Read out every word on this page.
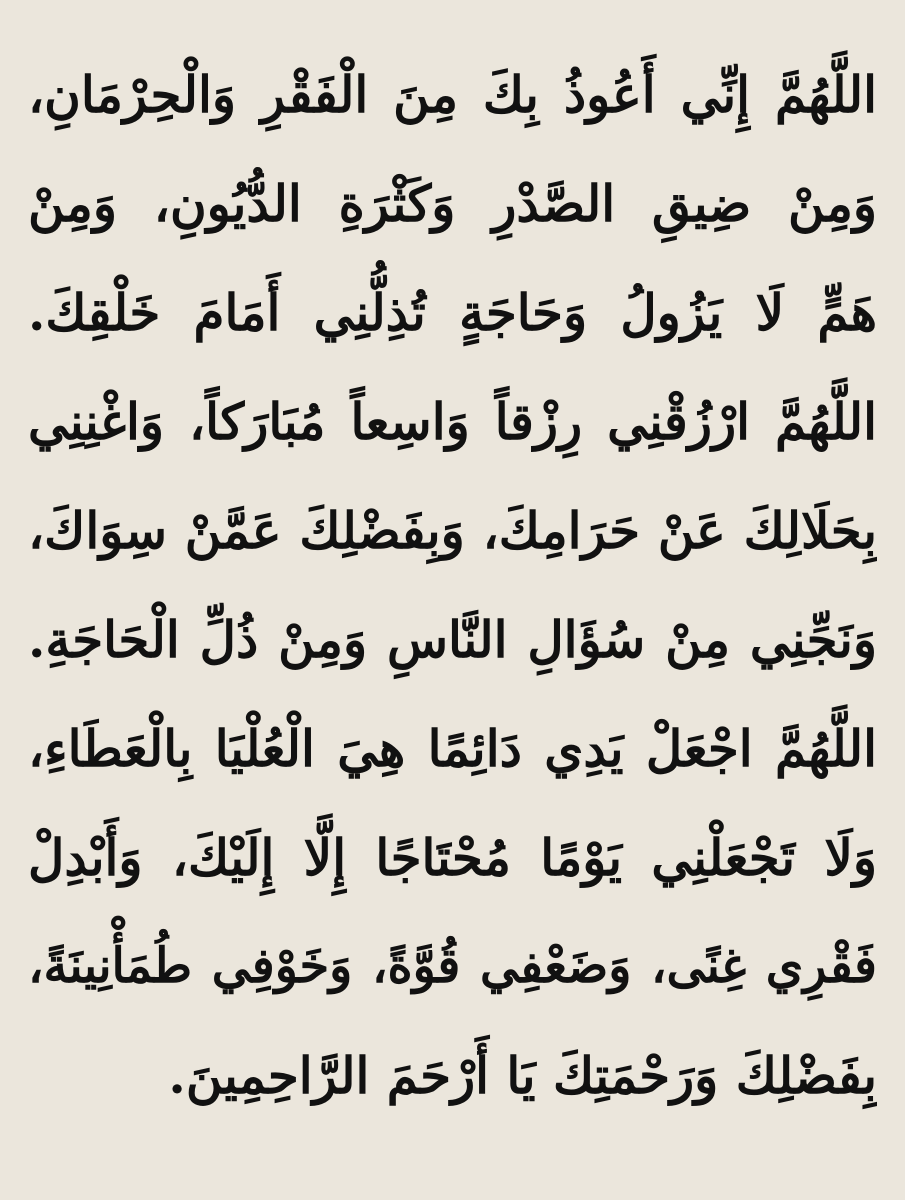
اللَّهُمَّ إِنِّي أَعُوذُ بِكَ مِنَ الْفَقْرِ وَالْحِرْمَانِ،
وَمِنْ ضِيقِ الصَّدْرِ وَكَثْرَةِ الدُّيُونِ، وَمِنْ
هَمٍّ لَا يَزُولُ وَحَاجَةٍ تُذِلُّنِي أَمَامَ خَلْقِكَ.
اللَّهُمَّ ارْزُقْنِي رِزْقاً وَاسِعاً مُبَارَكاً، وَاغْنِنِي
بِحَلَالِكَ عَنْ حَرَامِكَ، وَبِفَضْلِكَ عَمَّنْ سِوَاكَ،
وَنَجِّنِي مِنْ سُؤَالِ النَّاسِ وَمِنْ ذُلِّ الْحَاجَةِ.
اللَّهُمَّ اجْعَلْ يَدِي دَائِمًا هِيَ الْعُلْيَا بِالْعَطَاءِ،
وَلَا تَجْعَلْنِي يَوْمًا مُحْتَاجًا إِلَّا إِلَيْكَ، وَأَبْدِلْ
فَقْرِي غِنًى، وَضَعْفِي قُوَّةً، وَخَوْفِي طُمَأْنِينَةً،
بِفَضْلِكَ وَرَحْمَتِكَ يَا أَرْحَمَ الرَّاحِمِينَ.
